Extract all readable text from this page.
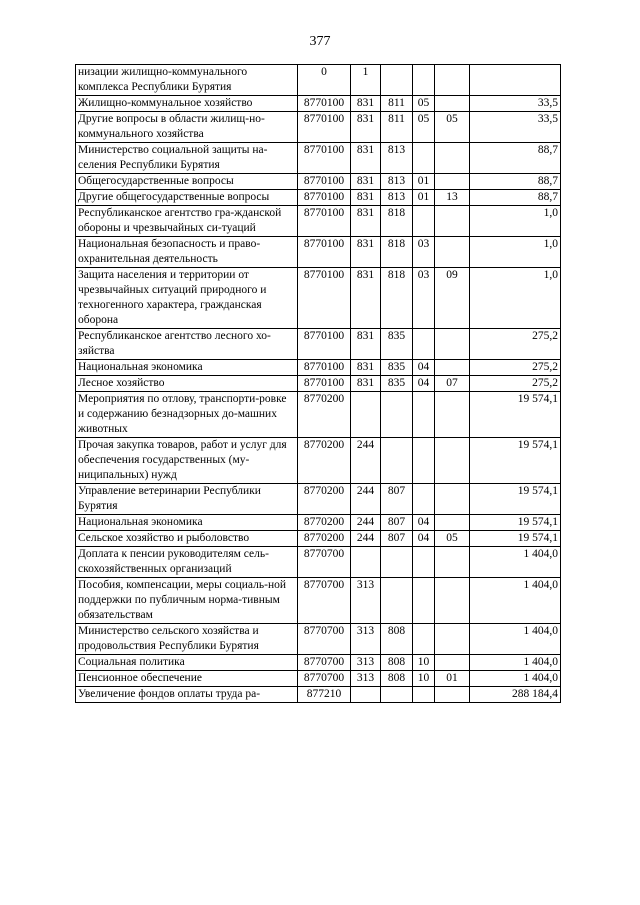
377
низации жилищно-коммунального комплекса Республики Бурятия	0	1				
Жилищно-коммунальное хозяйство	8770100	831	811	05		33,5
Другие вопросы в области жилищ-но-коммунального хозяйства	8770100	831	811	05	05	33,5
Министерство социальной защиты на-селения Республики Бурятия	8770100	831	813			88,7
Общегосударственные вопросы	8770100	831	813	01		88,7
Другие общегосударственные вопросы	8770100	831	813	01	13	88,7
Республиканское агентство гра-жданской обороны и чрезвычайных си-туаций	8770100	831	818			1,0
Национальная безопасность и право-охранительная деятельность	8770100	831	818	03		1,0
Защита населения и территории от чрезвычайных ситуаций природного и техногенного характера, гражданская оборона	8770100	831	818	03	09	1,0
Республиканское агентство лесного хо-зяйства	8770100	831	835			275,2
Национальная экономика	8770100	831	835	04		275,2
Лесное хозяйство	8770100	831	835	04	07	275,2
Мероприятия по отлову, транспорти-ровке и содержанию безнадзорных до-машних животных	8770200					19 574,1
Прочая закупка товаров, работ и услуг для обеспечения государственных (му-ниципальных) нужд	8770200	244				19 574,1
Управление ветеринарии Республики Бурятия	8770200	244	807			19 574,1
Национальная экономика	8770200	244	807	04		19 574,1
Сельское хозяйство и рыболовство	8770200	244	807	04	05	19 574,1
Доплата к пенсии руководителям сель-скохозяйственных организаций	8770700					1 404,0
Пособия, компенсации, меры социаль-ной поддержки по публичным норма-тивным обязательствам	8770700	313				1 404,0
Министерство сельского хозяйства и продовольствия Республики Бурятия	8770700	313	808			1 404,0
Социальная политика	8770700	313	808	10		1 404,0
Пенсионное обеспечение	8770700	313	808	10	01	1 404,0
Увеличение фондов оплаты труда ра-	877210					288 184,4
